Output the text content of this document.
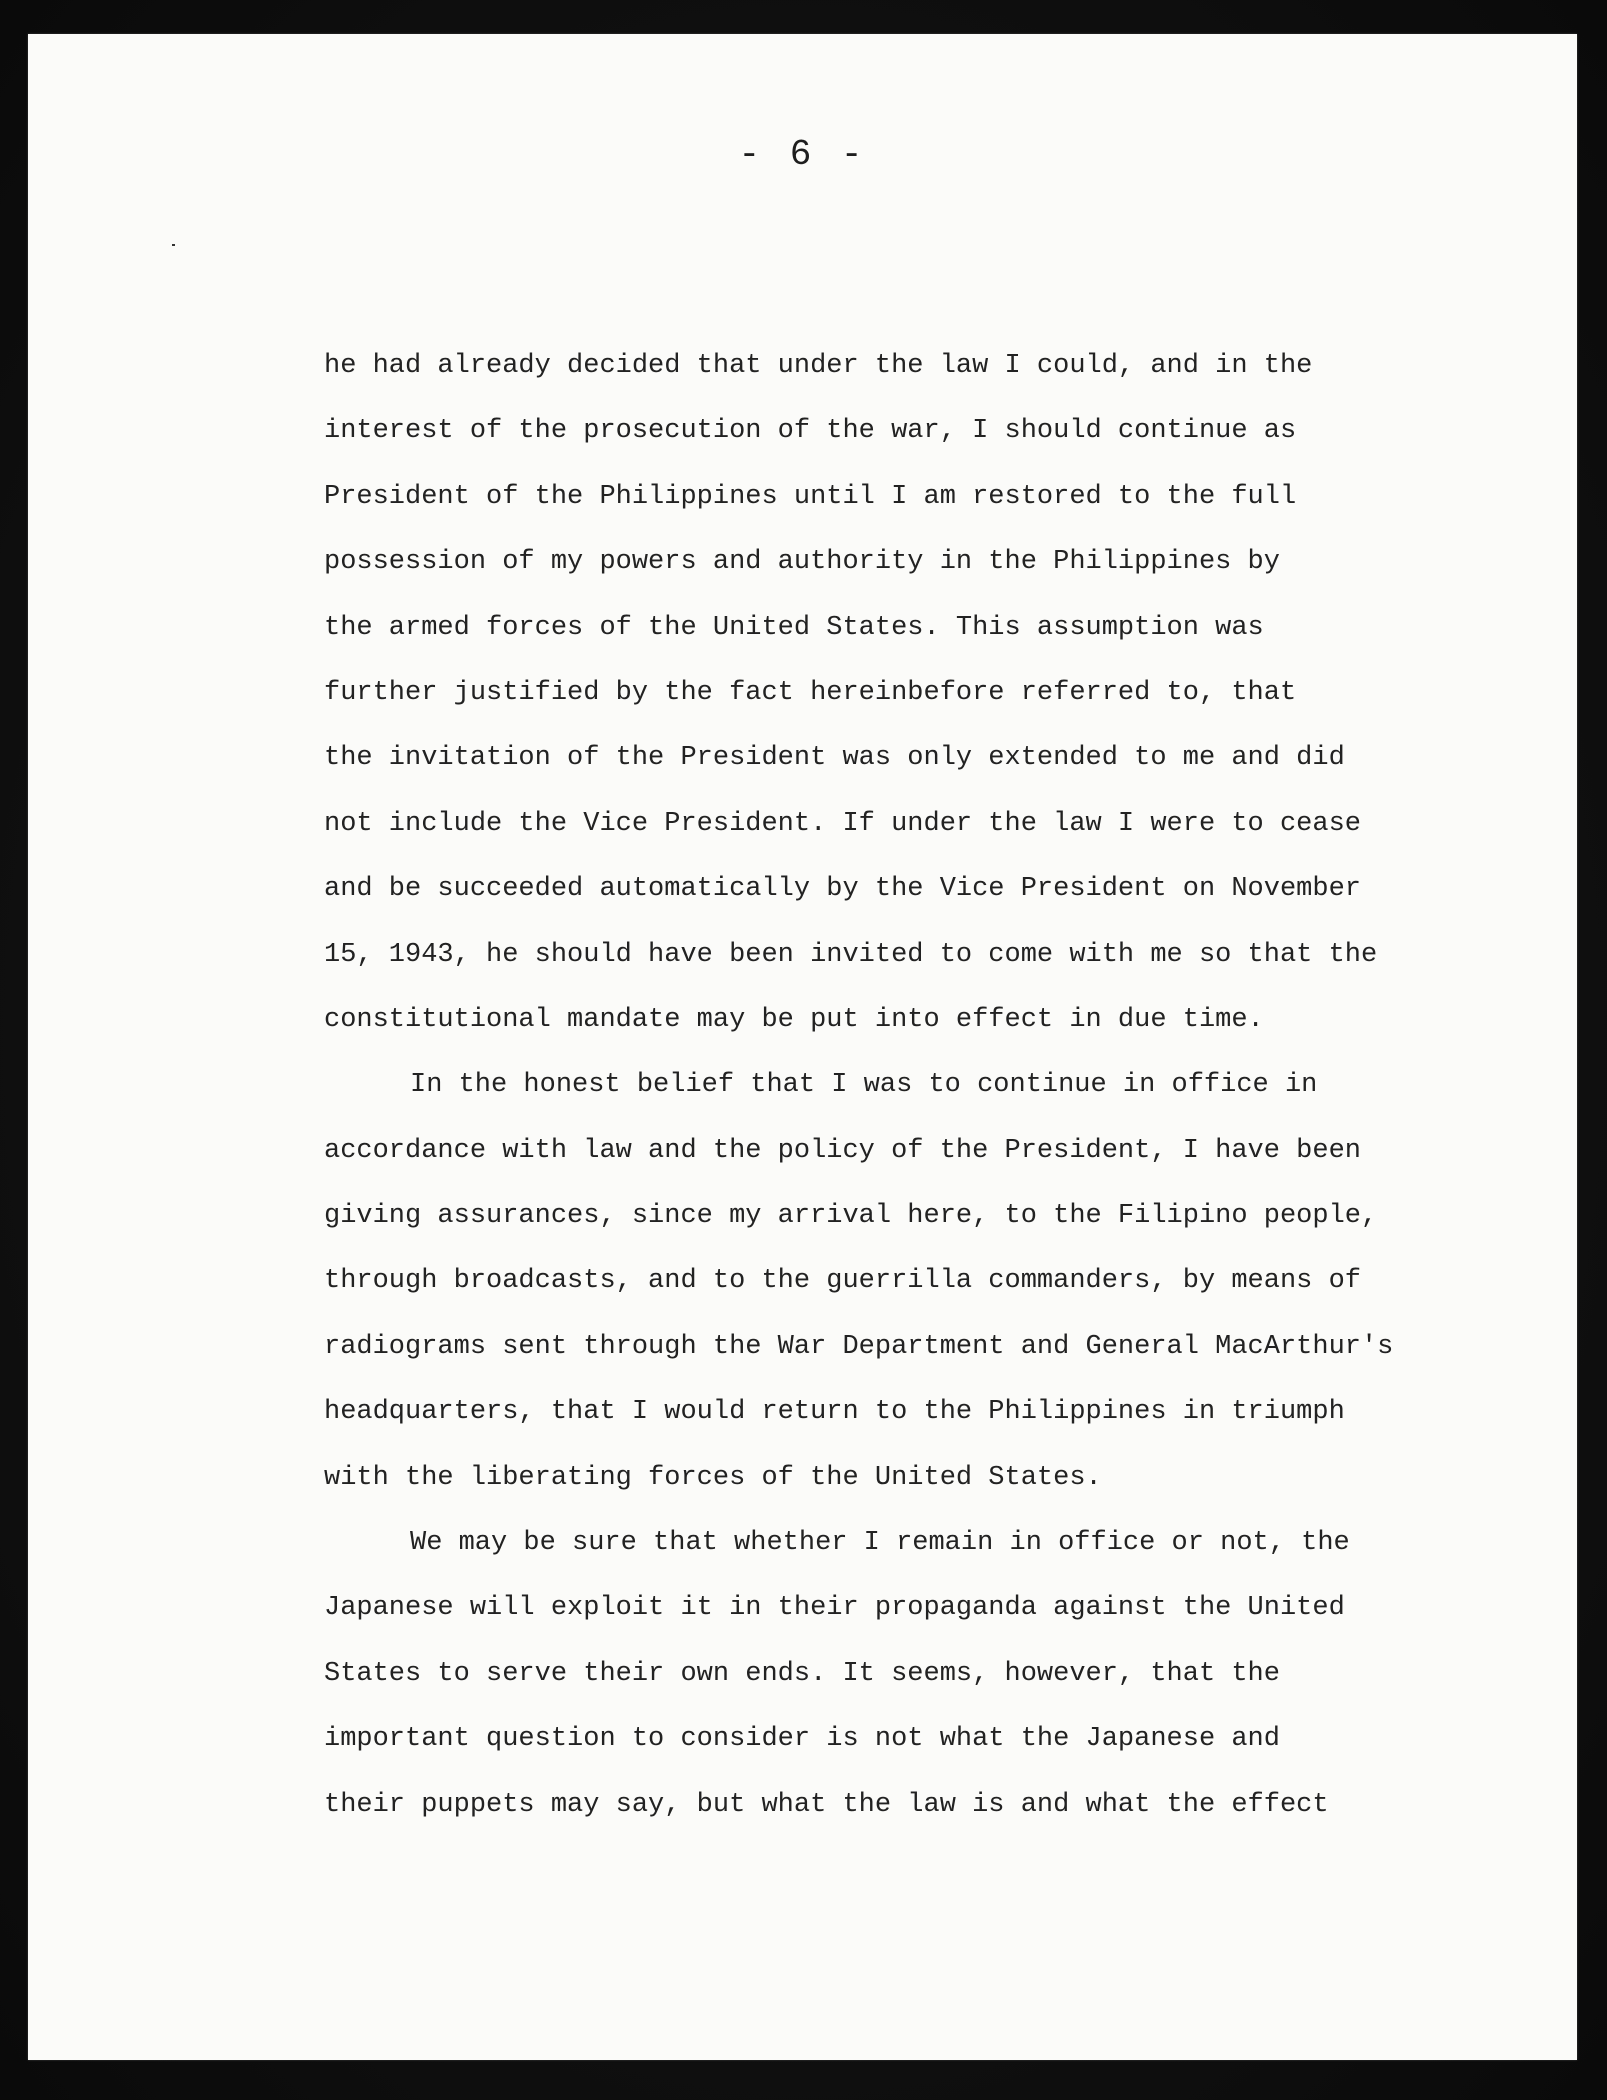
- 6 -
he had already decided that under the law I could, and in the
interest of the prosecution of the war, I should continue as
President of the Philippines until I am restored to the full
possession of my powers and authority in the Philippines by
the armed forces of the United States. This assumption was
further justified by the fact hereinbefore referred to, that
the invitation of the President was only extended to me and did
not include the Vice President. If under the law I were to cease
and be succeeded automatically by the Vice President on November
15, 1943, he should have been invited to come with me so that the
constitutional mandate may be put into effect in due time.
In the honest belief that I was to continue in office in
accordance with law and the policy of the President, I have been
giving assurances, since my arrival here, to the Filipino people,
through broadcasts, and to the guerrilla commanders, by means of
radiograms sent through the War Department and General MacArthur's
headquarters, that I would return to the Philippines in triumph
with the liberating forces of the United States.
We may be sure that whether I remain in office or not, the
Japanese will exploit it in their propaganda against the United
States to serve their own ends. It seems, however, that the
important question to consider is not what the Japanese and
their puppets may say, but what the law is and what the effect
